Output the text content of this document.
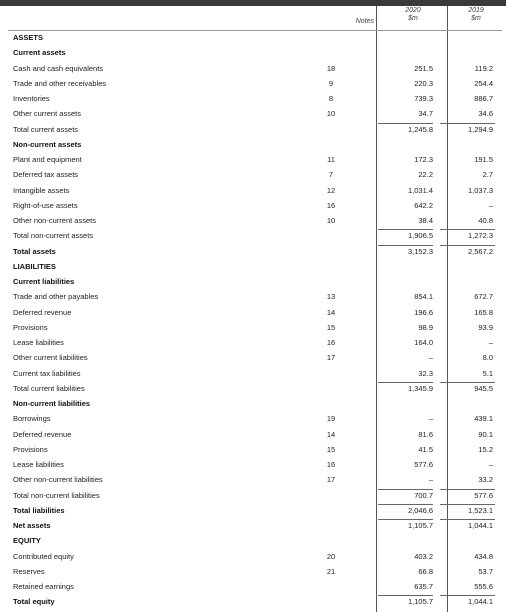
Notes
2020
$m
2019
$m
ASSETS
Current assets
Cash and cash equivalents	18	251.5	119.2
Trade and other receivables	9	220.3	254.4
Inventories	8	739.3	886.7
Other current assets	10	34.7	34.6
Total current assets	1,245.8	1,294.9
Non-current assets
Plant and equipment	11	172.3	191.5
Deferred tax assets	7	22.2	2.7
Intangible assets	12	1,031.4	1,037.3
Right-of-use assets	16	642.2	–
Other non-current assets	10	38.4	40.8
Total non-current assets	1,906.5	1,272.3
Total assets	3,152.3	2,567.2
LIABILITIES
Current liabilities
Trade and other payables	13	854.1	672.7
Deferred revenue	14	196.6	165.8
Provisions	15	98.9	93.9
Lease liabilities	16	164.0	–
Other current liabilities	17	–	8.0
Current tax liabilities	32.3	5.1
Total current liabilities	1,345.9	945.5
Non-current liabilities
Borrowings	19	–	439.1
Deferred revenue	14	81.6	90.1
Provisions	15	41.5	15.2
Lease liabilities	16	577.6	–
Other non-current liabilities	17	–	33.2
Total non-current liabilities	700.7	577.6
Total liabilities	2,046.6	1,523.1
Net assets	1,105.7	1,044.1
EQUITY
Contributed equity	20	403.2	434.8
Reserves	21	66.8	53.7
Retained earnings	635.7	555.6
Total equity	1,105.7	1,044.1
